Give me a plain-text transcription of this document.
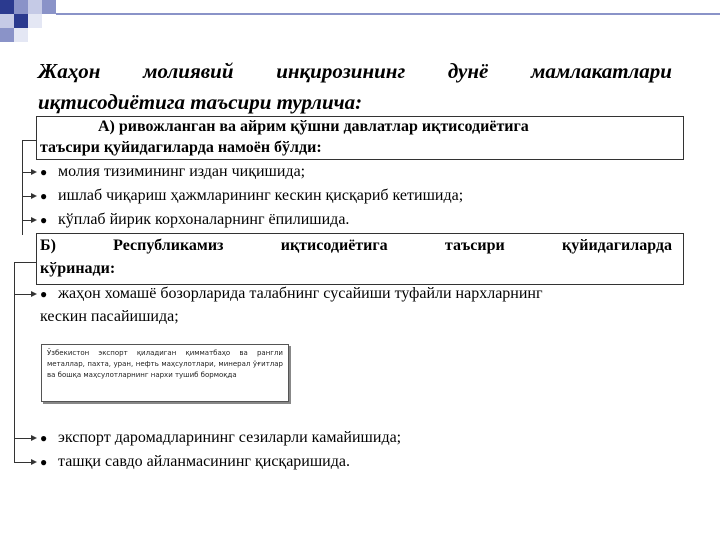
Жаҳон молиявий инқирозининг дунё мамлакатлари
иқтисодиётига таъсири турлича:
А) ривожланган ва айрим қўшни давлатлар иқтисодиётига
таъсири қуйидагиларда намоён бўлди:
● молия тизимининг издан чиқишида;
● ишлаб чиқариш ҳажмларининг кескин қисқариб кетишида;
● кўплаб йирик корхоналарнинг ёпилишида.
Б) Республикамиз иқтисодиётига таъсири қуйидагиларда
кўринади:
● жаҳон хомашё бозорларида талабнинг сусайиши туфайли нархларнинг
кескин пасайишида;
Ўзбекистон экспорт қиладиган қимматбаҳо ва рангли металлар, пахта, уран, нефть маҳсулотлари, минерал ўғитлар ва бошқа маҳсулотларнинг нархи тушиб бормоқда
● экспорт даромадларининг сезиларли камайишида;
● ташқи савдо айланмасининг қисқаришида.
